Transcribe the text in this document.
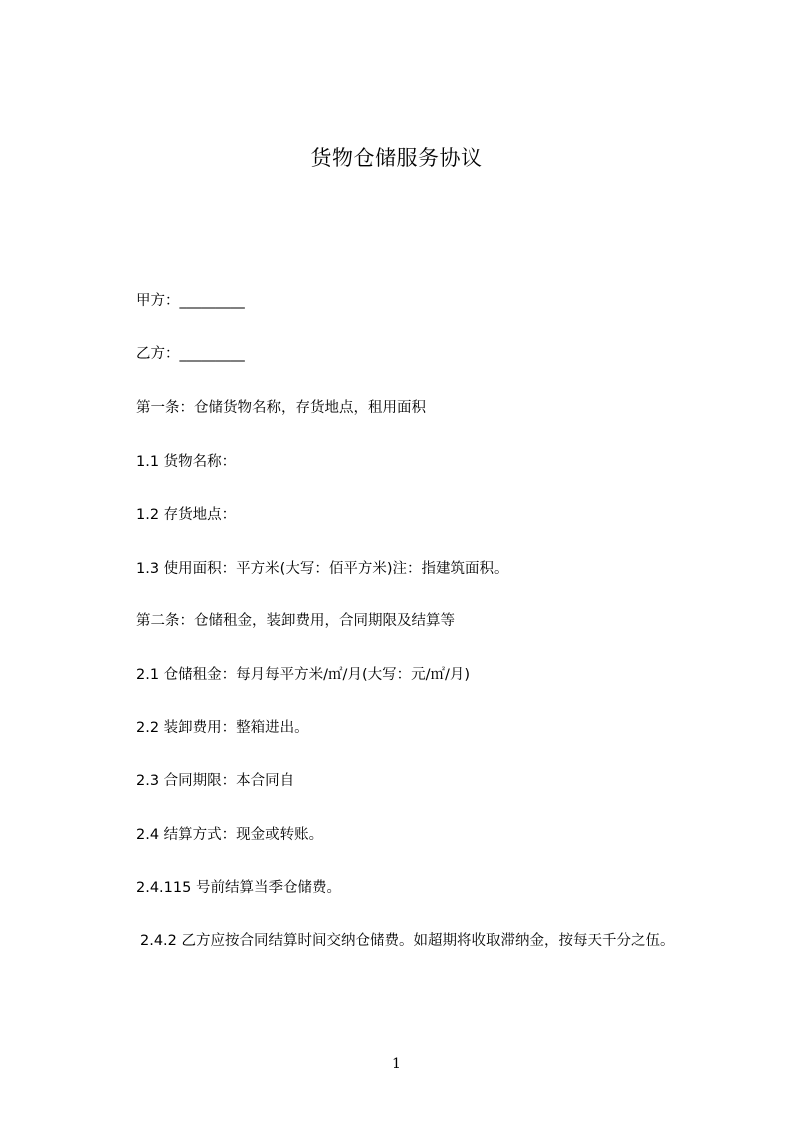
货物仓储服务协议
甲方：_________
乙方：_________
第一条：仓储货物名称，存货地点，租用面积
1.1 货物名称：
1.2 存货地点：
1.3 使用面积：平方米(大写：佰平方米)注：指建筑面积。
第二条：仓储租金，装卸费用，合同期限及结算等
2.1 仓储租金：每月每平方米/㎡/月(大写：元/㎡/月)
2.2 装卸费用：整箱进出。
2.3 合同期限：本合同自
2.4 结算方式：现金或转账。
2.4.115 号前结算当季仓储费。
2.4.2 乙方应按合同结算时间交纳仓储费。如超期将收取滞纳金，按每天千分之伍。
1
